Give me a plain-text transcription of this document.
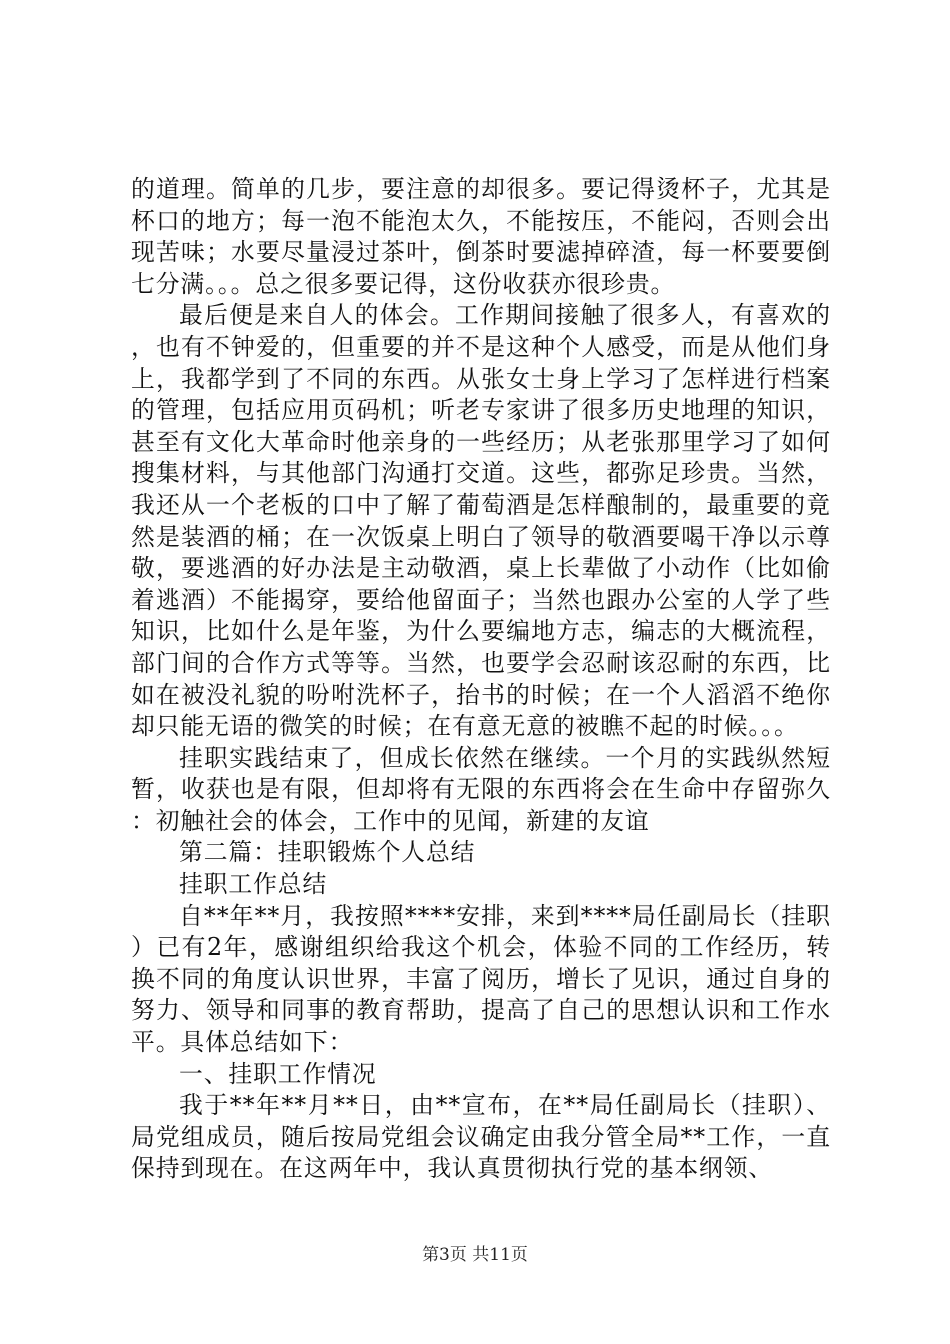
的道理。简单的几步，要注意的却很多。要记得烫杯子，尤其是杯口的地方；每一泡不能泡太久，不能按压，不能闷，否则会出现苦味；水要尽量浸过茶叶，倒茶时要滤掉碎渣，每一杯要要倒七分满。。。总之很多要记得，这份收获亦很珍贵。

最后便是来自人的体会。工作期间接触了很多人，有喜欢的，也有不钟爱的，但重要的并不是这种个人感受，而是从他们身上，我都学到了不同的东西。从张女士身上学习了怎样进行档案的管理，包括应用页码机；听老专家讲了很多历史地理的知识，甚至有文化大革命时他亲身的一些经历；从老张那里学习了如何搜集材料，与其他部门沟通打交道。这些，都弥足珍贵。当然，我还从一个老板的口中了解了葡萄酒是怎样酿制的，最重要的竟然是装酒的桶；在一次饭桌上明白了领导的敬酒要喝干净以示尊敬，要逃酒的好办法是主动敬酒，桌上长辈做了小动作（比如偷着逃酒）不能揭穿，要给他留面子；当然也跟办公室的人学了些知识，比如什么是年鉴，为什么要编地方志，编志的大概流程，部门间的合作方式等等。当然，也要学会忍耐该忍耐的东西，比如在被没礼貌的吩咐洗杯子，抬书的时候；在一个人滔滔不绝你却只能无语的微笑的时候；在有意无意的被瞧不起的时候。。。

挂职实践结束了，但成长依然在继续。一个月的实践纵然短暂，收获也是有限，但却将有无限的东西将会在生命中存留弥久：初触社会的体会，工作中的见闻，新建的友谊

第二篇：挂职锻炼个人总结

挂职工作总结

自**年**月，我按照****安排，来到****局任副局长（挂职）已有2年，感谢组织给我这个机会，体验不同的工作经历，转换不同的角度认识世界，丰富了阅历，增长了见识，通过自身的努力、领导和同事的教育帮助，提高了自己的思想认识和工作水平。具体总结如下：

一、挂职工作情况

我于**年**月**日，由**宣布，在**局任副局长（挂职）、局党组成员，随后按局党组会议确定由我分管全局**工作，一直保持到现在。在这两年中，我认真贯彻执行党的基本纲领、

第3页 共11页
